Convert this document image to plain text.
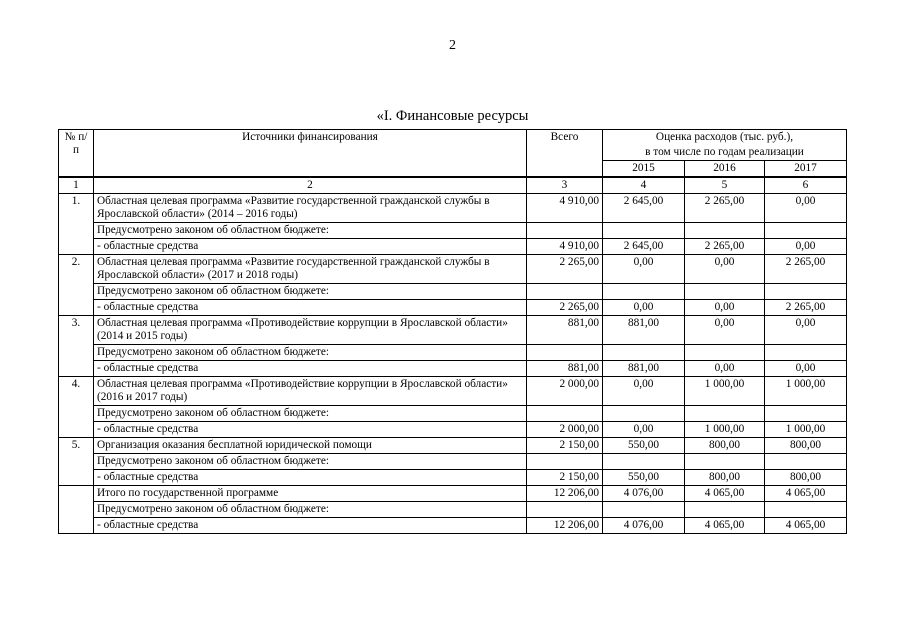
2
«I. Финансовые ресурсы
№ п/п	Источники финансирования	Всего	Оценка расходов (тыс. руб.),		
			в том числе по годам реализации		
			2015	2016	2017
1	2	3	4	5	6
1.	Областная целевая программа «Развитие государственной гражданской службы в Ярославской области» (2014 – 2016 годы)	4 910,00	2 645,00	2 265,00	0,00
	Предусмотрено законом об областном бюджете:				
	- областные средства	4 910,00	2 645,00	2 265,00	0,00
2.	Областная целевая программа «Развитие государственной гражданской службы в Ярославской области» (2017 и 2018 годы)	2 265,00	0,00	0,00	2 265,00
	Предусмотрено законом об областном бюджете:				
	- областные средства	2 265,00	0,00	0,00	2 265,00
3.	Областная целевая программа «Противодействие коррупции в Ярославской области» (2014 и 2015 годы)	881,00	881,00	0,00	0,00
	Предусмотрено законом об областном бюджете:				
	- областные средства	881,00	881,00	0,00	0,00
4.	Областная целевая программа «Противодействие коррупции в Ярославской области» (2016 и 2017 годы)	2 000,00	0,00	1 000,00	1 000,00
	Предусмотрено законом об областном бюджете:				
	- областные средства	2 000,00	0,00	1 000,00	1 000,00
5.	Организация оказания бесплатной юридической помощи	2 150,00	550,00	800,00	800,00
	Предусмотрено законом об областном бюджете:				
	- областные средства	2 150,00	550,00	800,00	800,00
	Итого по государственной программе	12 206,00	4 076,00	4 065,00	4 065,00
	Предусмотрено законом об областном бюджете:				
	- областные средства	12 206,00	4 076,00	4 065,00	4 065,00
